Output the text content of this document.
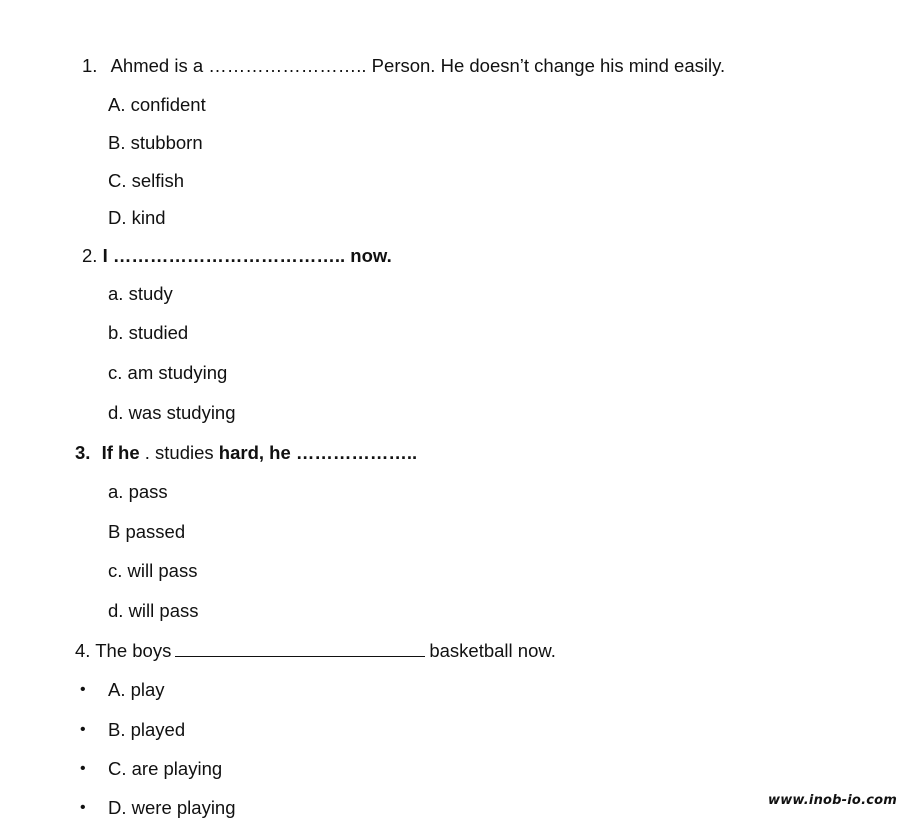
1. Ahmed is a …………………….. Person. He doesn’t change his mind easily.
A. confident
B. stubborn
C. selfish
D. kind
2. I ……………………………….. now.
a. study
b. studied
c. am studying
d. was studying
3. If he . studies hard, he ………………..
a. pass
B passed
c. will pass
d. will pass
4. The boys	basketball now.
• A. play
• B. played
• C. are playing
• D. were playing	www.inob-io.com
